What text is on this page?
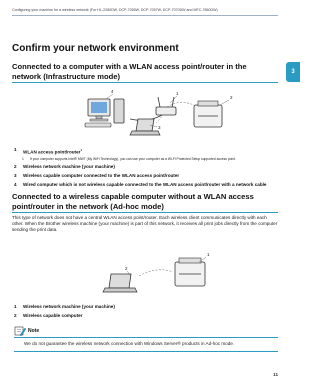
Configuring your machine for a wireless network (For HL-2280DW, DCP-7055W, DCP-7057W, DCP-7070DW and MFC-7860DW)
3
Confirm your network environment
Connected to a computer with a WLAN access point/router in the network (Infrastructure mode)
1
4
2
3
1
WLAN access point/router$^1$
1	If your computer supports Intel® MWT (My WiFi Technology), you can use your computer as a Wi-Fi Protected Setup supported access point.
2	Wireless network machine (your machine)
3	Wireless capable computer connected to the WLAN access point/router
4	Wired computer which is not wireless capable connected to the WLAN access point/router with a network cable
Connected to a wireless capable computer without a WLAN access point/router in the network (Ad-hoc mode)
This type of network does not have a central WLAN access point/router. Each wireless client communicates directly with each other. When the Brother wireless machine (your machine) is part of this network, it receives all print jobs directly from the computer sending the print data.
1
2
1	Wireless network machine (your machine)
2	Wireless capable computer
Note
We do not guarantee the wireless network connection with Windows Server® products in Ad-hoc mode.
11
